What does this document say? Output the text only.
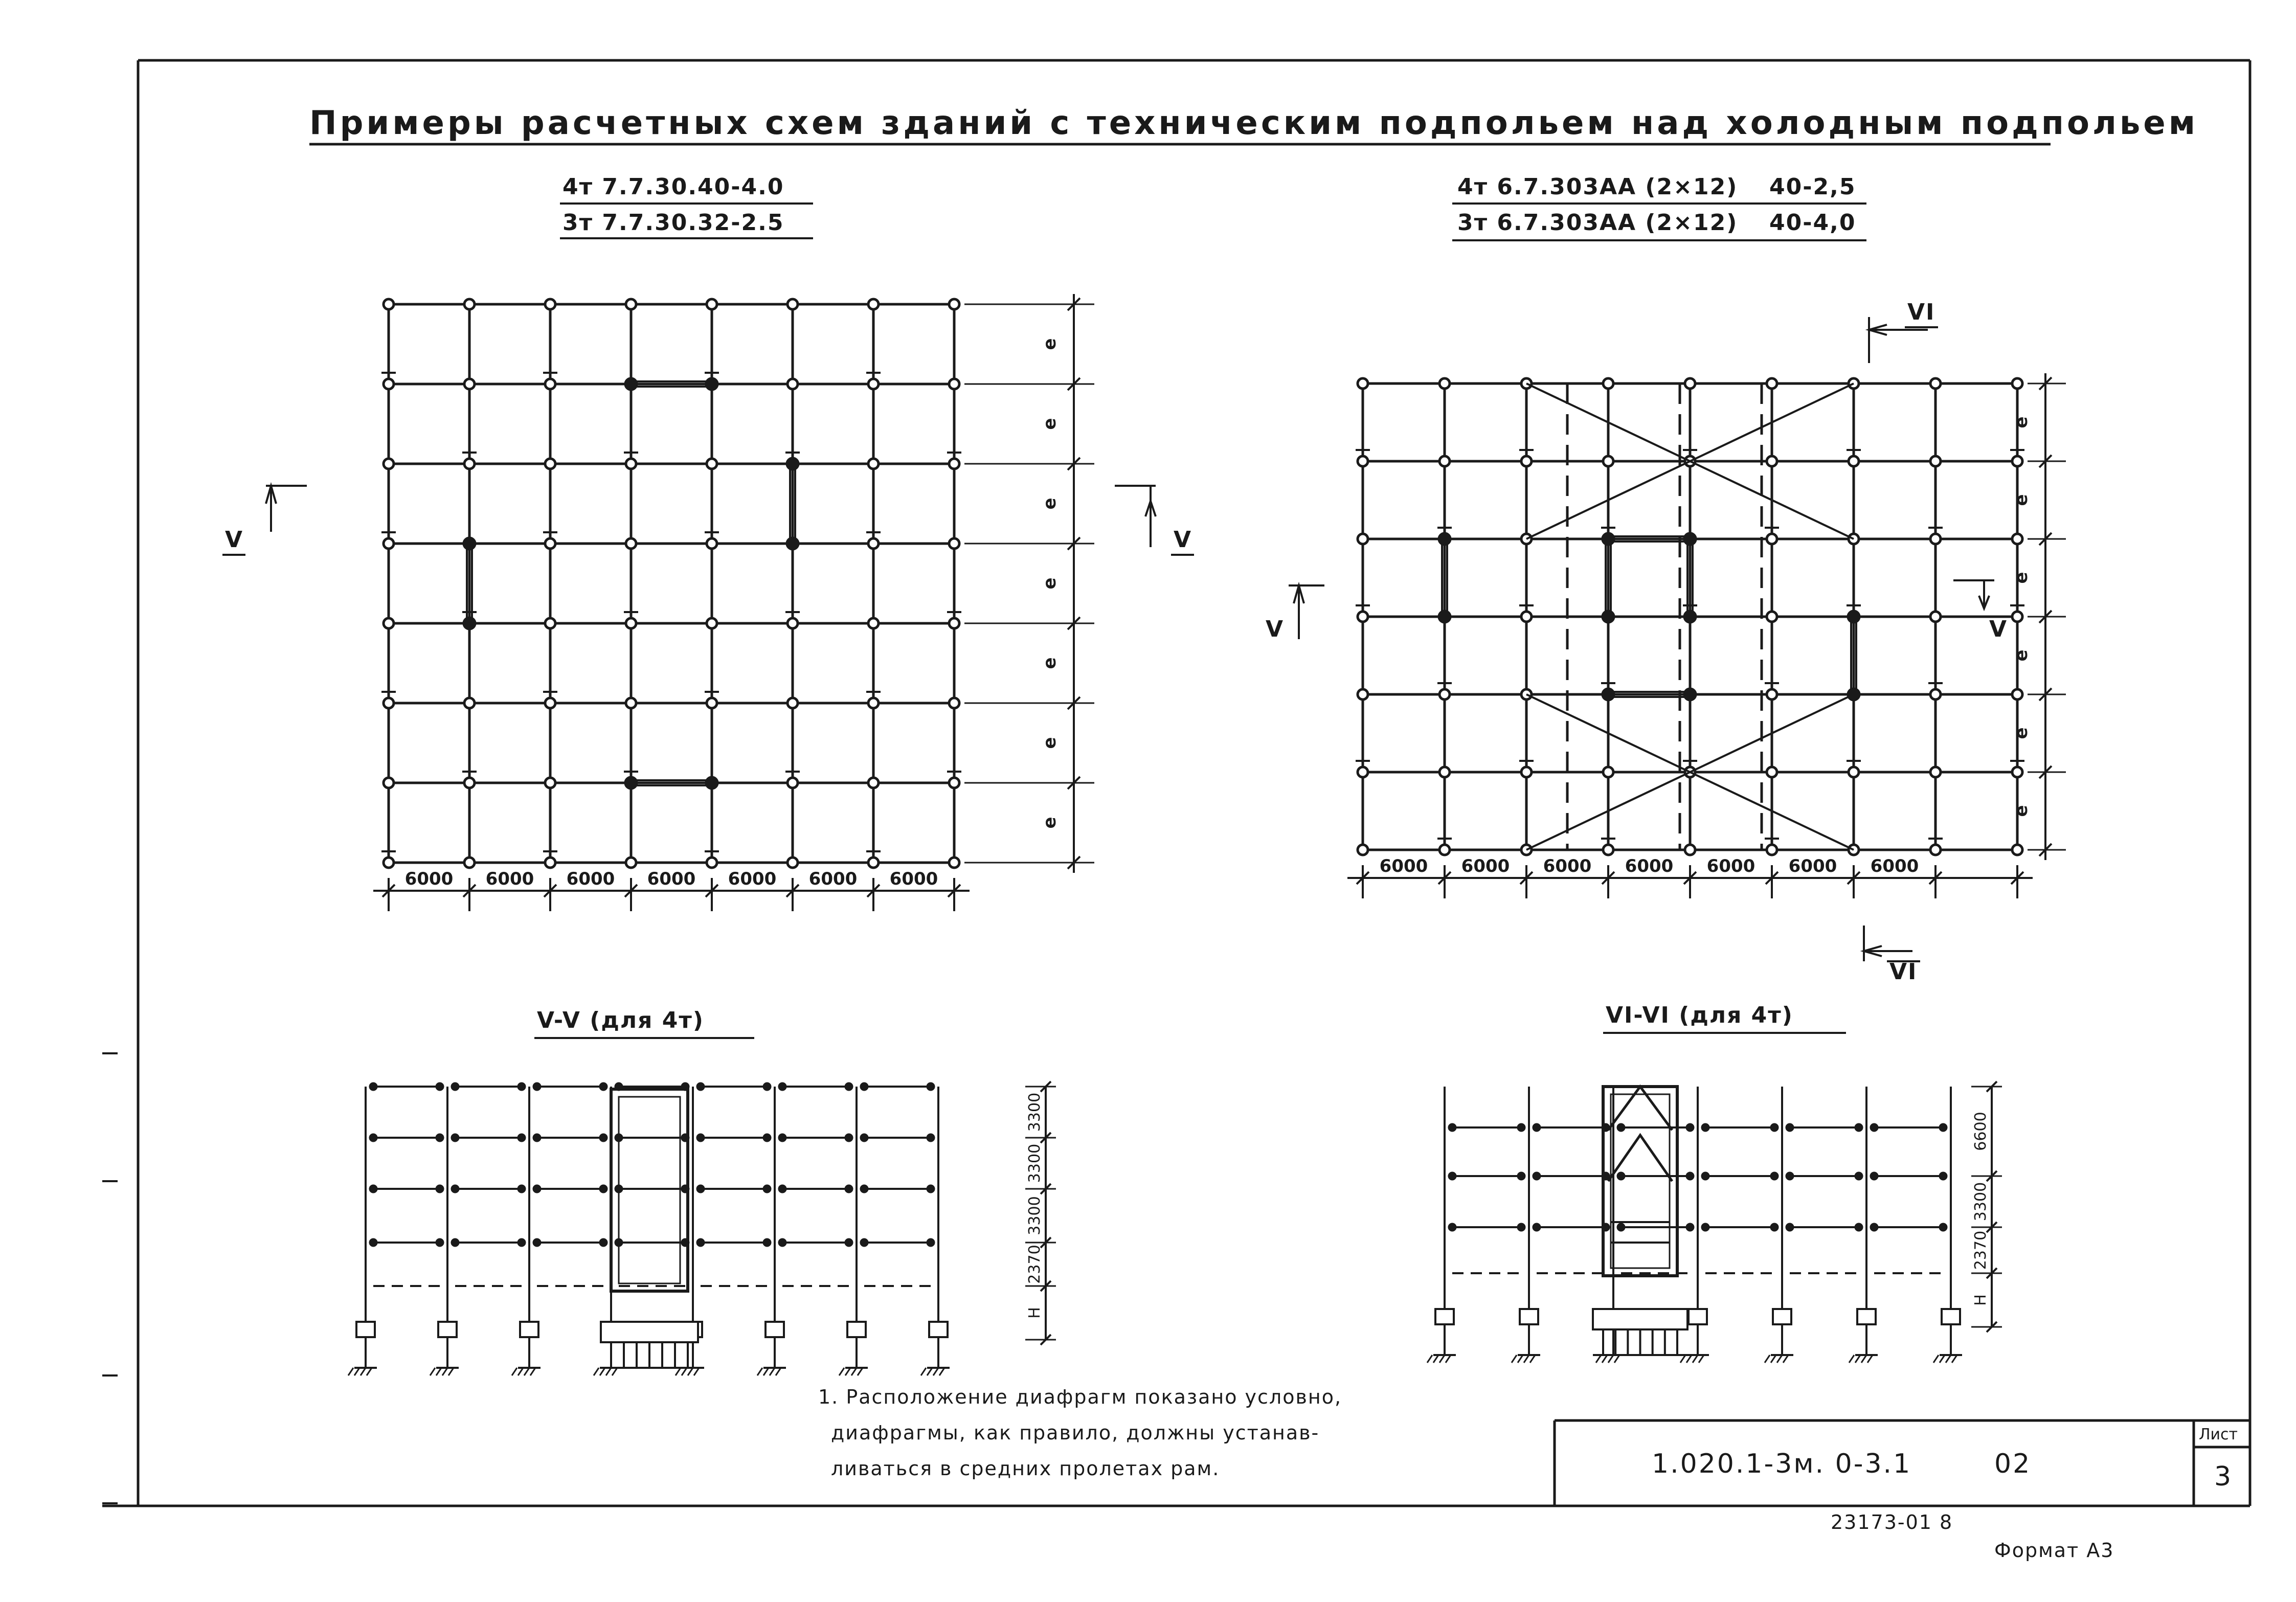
Примеры расчетных схем зданий с техническим подпольем над холодным подпольем
4т 7.7.30.40-4.0
3т 7.7.30.32-2.5
4т 6.7.303АА (2×12) 40-2,5
3т 6.7.303АА (2×12) 40-4,0
6000 6000 6000 6000 6000 6000 6000
e
e
e
e
e
e
e
6000 6000 6000 6000 6000 6000 6000
e
e
e
e
e
e
V	V
VI
VI
V	V
V-V (для 4т)
3300
3300
3300
2370
H
VI-VI (для 4т)
6600
3300
2370
H
1. Расположение диафрагм показано условно,
диафрагмы, как правило, должны устанав-
ливаться в средних пролетах рам.	1.020.1-3м. 0-3.1	02
Лист
3
23173-01 8
Формат А3
